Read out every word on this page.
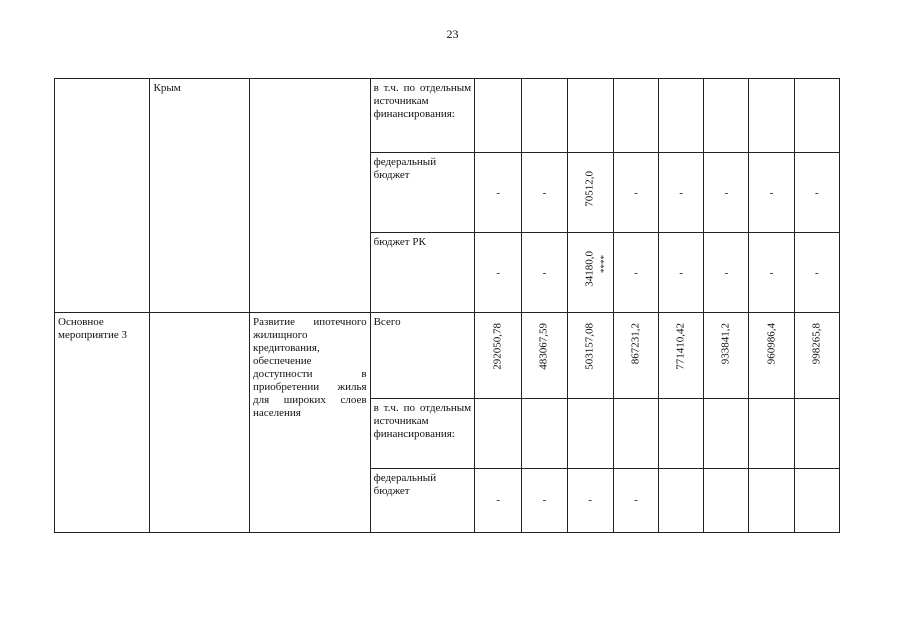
23
	Крым		в т.ч. по отдельным источникам финансирования:								
			федеральный бюджет	-	-	70512,0	-	-	-	-	-

			бюджет РК	-	-	34180,0 ****	-	-	-	-	-

Основное мероприятие 3		Развитие ипотечного жилищного кредитования, обеспечение доступности в приобретении жилья для широких слоев населения	Всего	292050,78	483067,59	503157,08	867231,2	771410,42	933841,2	960986,4	998265,8

			в т.ч. по отдельным источникам финансирования:								
			федеральный бюджет	-	-	-	-				
